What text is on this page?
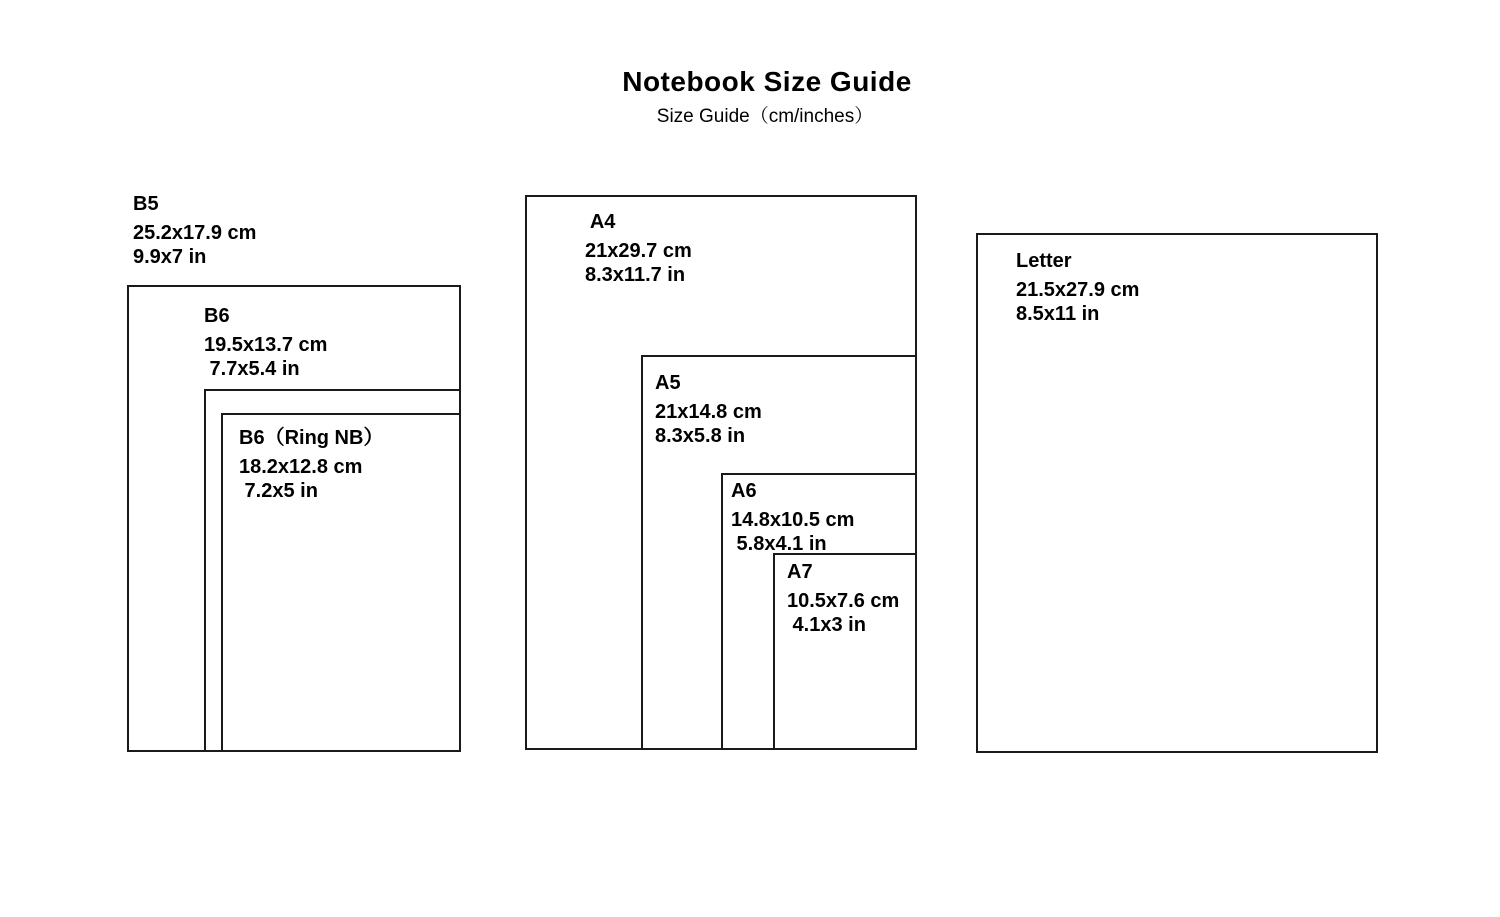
Notebook Size Guide
Size Guide（cm/inches）
B5
25.2x17.9 cm
9.9x7 in
B6
19.5x13.7 cm
7.7x5.4 in
B6（Ring NB）
18.2x12.8 cm
7.2x5 in
A4
21x29.7 cm
8.3x11.7 in
A5
21x14.8 cm
8.3x5.8 in
A6
14.8x10.5 cm
5.8x4.1 in
A7
10.5x7.6 cm
4.1x3 in
Letter
21.5x27.9 cm
8.5x11 in
